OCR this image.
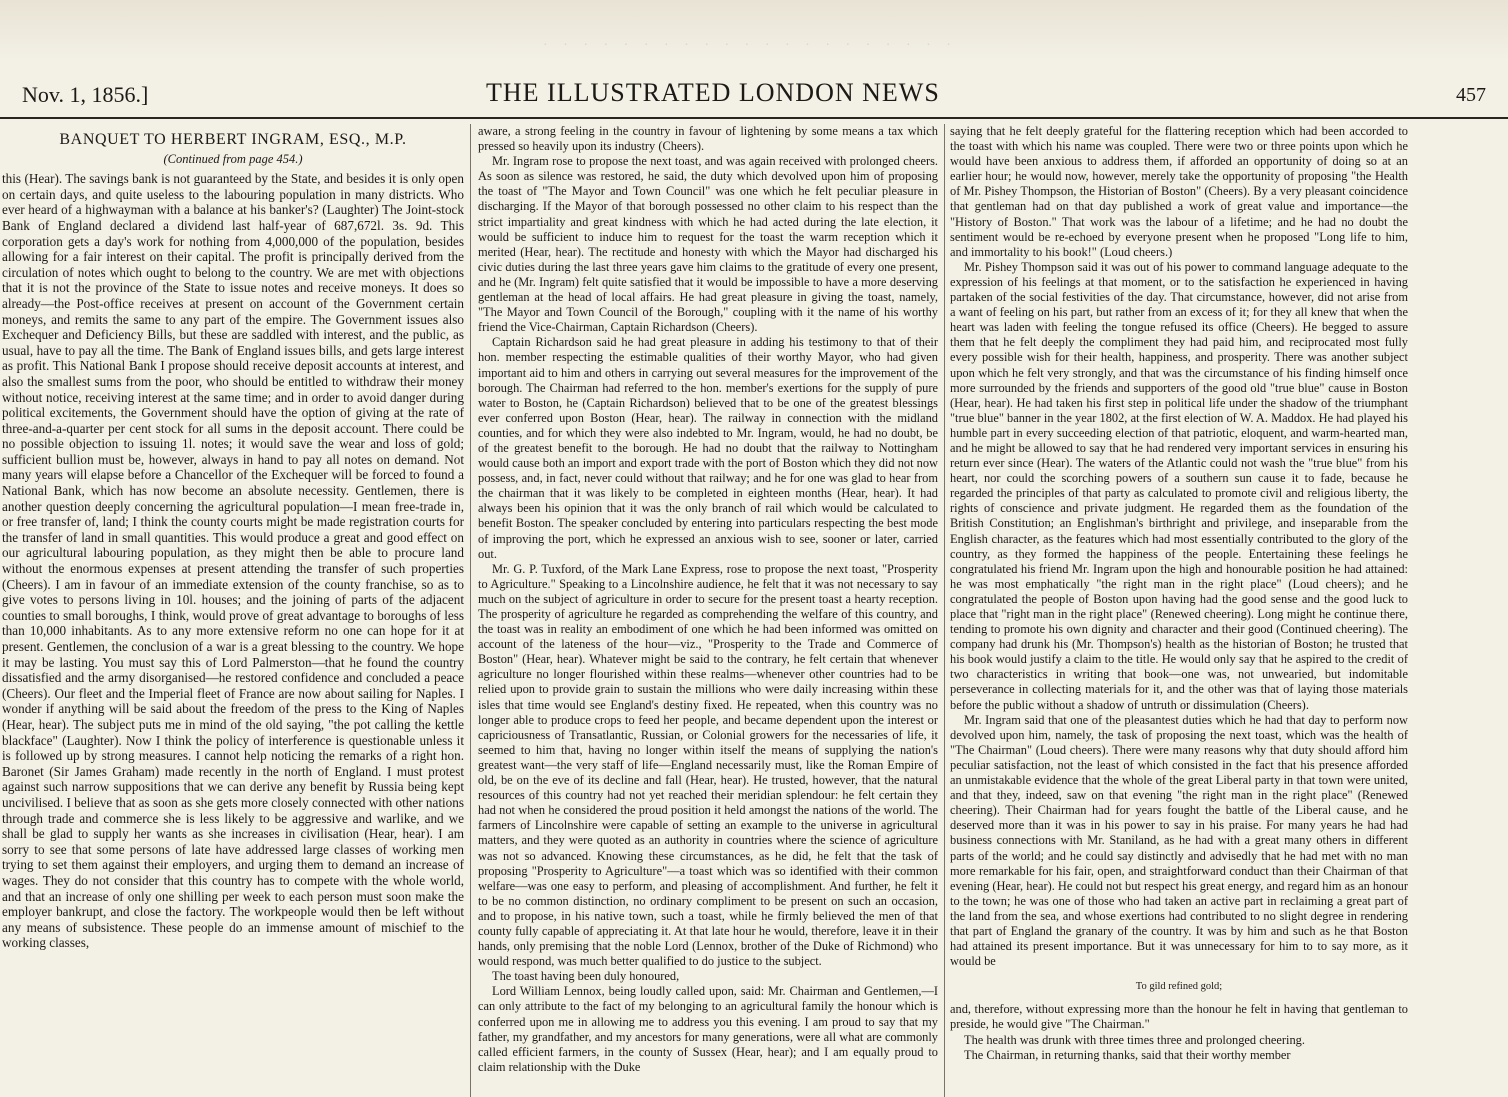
· · · · · · · · · · · · · · · · · · · · ·
Nov. 1, 1856.]	THE ILLUSTRATED LONDON NEWS	457
BANQUET TO HERBERT INGRAM, ESQ., M.P.
(Continued from page 454.)

this (Hear). The savings bank is not guaranteed by the State, and besides it is only open on certain days, and quite useless to the labouring population in many districts. Who ever heard of a highwayman with a balance at his banker's? (Laughter) The Joint-stock Bank of England declared a dividend last half-year of 687,672l. 3s. 9d. This corporation gets a day's work for nothing from 4,000,000 of the population, besides allowing for a fair interest on their capital. The profit is principally derived from the circulation of notes which ought to belong to the country. We are met with objections that it is not the province of the State to issue notes and receive moneys. It does so already—the Post-office receives at present on account of the Government certain moneys, and remits the same to any part of the empire. The Government issues also Exchequer and Deficiency Bills, but these are saddled with interest, and the public, as usual, have to pay all the time. The Bank of England issues bills, and gets large interest as profit. This National Bank I propose should receive deposit accounts at interest, and also the smallest sums from the poor, who should be entitled to withdraw their money without notice, receiving interest at the same time; and in order to avoid danger during political excitements, the Government should have the option of giving at the rate of three-and-a-quarter per cent stock for all sums in the deposit account. There could be no possible objection to issuing 1l. notes; it would save the wear and loss of gold; sufficient bullion must be, however, always in hand to pay all notes on demand. Not many years will elapse before a Chancellor of the Exchequer will be forced to found a National Bank, which has now become an absolute necessity. Gentlemen, there is another question deeply concerning the agricultural population—I mean free-trade in, or free transfer of, land; I think the county courts might be made registration courts for the transfer of land in small quantities. This would produce a great and good effect on our agricultural labouring population, as they might then be able to procure land without the enormous expenses at present attending the transfer of such properties (Cheers). I am in favour of an immediate extension of the county franchise, so as to give votes to persons living in 10l. houses; and the joining of parts of the adjacent counties to small boroughs, I think, would prove of great advantage to boroughs of less than 10,000 inhabitants. As to any more extensive reform no one can hope for it at present. Gentlemen, the conclusion of a war is a great blessing to the country. We hope it may be lasting. You must say this of Lord Palmerston—that he found the country dissatisfied and the army disorganised—he restored confidence and concluded a peace (Cheers). Our fleet and the Imperial fleet of France are now about sailing for Naples. I wonder if anything will be said about the freedom of the press to the King of Naples (Hear, hear). The subject puts me in mind of the old saying, "the pot calling the kettle blackface" (Laughter). Now I think the policy of interference is questionable unless it is followed up by strong measures. I cannot help noticing the remarks of a right hon. Baronet (Sir James Graham) made recently in the north of England. I must protest against such narrow suppositions that we can derive any benefit by Russia being kept uncivilised. I believe that as soon as she gets more closely connected with other nations through trade and commerce she is less likely to be aggressive and warlike, and we shall be glad to supply her wants as she increases in civilisation (Hear, hear). I am sorry to see that some persons of late have addressed large classes of working men trying to set them against their employers, and urging them to demand an increase of wages. They do not consider that this country has to compete with the whole world, and that an increase of only one shilling per week to each person must soon make the employer bankrupt, and close the factory. The workpeople would then be left without any means of subsistence. These people do an immense amount of mischief to the working classes,

aware, a strong feeling in the country in favour of lightening by some means a tax which pressed so heavily upon its industry (Cheers).

Mr. Ingram rose to propose the next toast, and was again received with prolonged cheers. As soon as silence was restored, he said, the duty which devolved upon him of proposing the toast of "The Mayor and Town Council" was one which he felt peculiar pleasure in discharging. If the Mayor of that borough possessed no other claim to his respect than the strict impartiality and great kindness with which he had acted during the late election, it would be sufficient to induce him to request for the toast the warm reception which it merited (Hear, hear). The rectitude and honesty with which the Mayor had discharged his civic duties during the last three years gave him claims to the gratitude of every one present, and he (Mr. Ingram) felt quite satisfied that it would be impossible to have a more deserving gentleman at the head of local affairs. He had great pleasure in giving the toast, namely, "The Mayor and Town Council of the Borough," coupling with it the name of his worthy friend the Vice-Chairman, Captain Richardson (Cheers).

Captain Richardson said he had great pleasure in adding his testimony to that of their hon. member respecting the estimable qualities of their worthy Mayor, who had given important aid to him and others in carrying out several measures for the improvement of the borough. The Chairman had referred to the hon. member's exertions for the supply of pure water to Boston, he (Captain Richardson) believed that to be one of the greatest blessings ever conferred upon Boston (Hear, hear). The railway in connection with the midland counties, and for which they were also indebted to Mr. Ingram, would, he had no doubt, be of the greatest benefit to the borough. He had no doubt that the railway to Nottingham would cause both an import and export trade with the port of Boston which they did not now possess, and, in fact, never could without that railway; and he for one was glad to hear from the chairman that it was likely to be completed in eighteen months (Hear, hear). It had always been his opinion that it was the only branch of rail which would be calculated to benefit Boston. The speaker concluded by entering into particulars respecting the best mode of improving the port, which he expressed an anxious wish to see, sooner or later, carried out.

Mr. G. P. Tuxford, of the Mark Lane Express, rose to propose the next toast, "Prosperity to Agriculture." Speaking to a Lincolnshire audience, he felt that it was not necessary to say much on the subject of agriculture in order to secure for the present toast a hearty reception. The prosperity of agriculture he regarded as comprehending the welfare of this country, and the toast was in reality an embodiment of one which he had been informed was omitted on account of the lateness of the hour—viz., "Prosperity to the Trade and Commerce of Boston" (Hear, hear). Whatever might be said to the contrary, he felt certain that whenever agriculture no longer flourished within these realms—whenever other countries had to be relied upon to provide grain to sustain the millions who were daily increasing within these isles that time would see England's destiny fixed. He repeated, when this country was no longer able to produce crops to feed her people, and became dependent upon the interest or capriciousness of Transatlantic, Russian, or Colonial growers for the necessaries of life, it seemed to him that, having no longer within itself the means of supplying the nation's greatest want—the very staff of life—England necessarily must, like the Roman Empire of old, be on the eve of its decline and fall (Hear, hear). He trusted, however, that the natural resources of this country had not yet reached their meridian splendour: he felt certain they had not when he considered the proud position it held amongst the nations of the world. The farmers of Lincolnshire were capable of setting an example to the universe in agricultural matters, and they were quoted as an authority in countries where the science of agriculture was not so advanced. Knowing these circumstances, as he did, he felt that the task of proposing "Prosperity to Agriculture"—a toast which was so identified with their common welfare—was one easy to perform, and pleasing of accomplishment. And further, he felt it to be no common distinction, no ordinary compliment to be present on such an occasion, and to propose, in his native town, such a toast, while he firmly believed the men of that county fully capable of appreciating it. At that late hour he would, therefore, leave it in their hands, only premising that the noble Lord (Lennox, brother of the Duke of Richmond) who would respond, was much better qualified to do justice to the subject.

The toast having been duly honoured,

Lord William Lennox, being loudly called upon, said: Mr. Chairman and Gentlemen,—I can only attribute to the fact of my belonging to an agricultural family the honour which is conferred upon me in allowing me to address you this evening. I am proud to say that my father, my grandfather, and my ancestors for many generations, were all what are commonly called efficient farmers, in the county of Sussex (Hear, hear); and I am equally proud to claim relationship with the Duke

saying that he felt deeply grateful for the flattering reception which had been accorded to the toast with which his name was coupled. There were two or three points upon which he would have been anxious to address them, if afforded an opportunity of doing so at an earlier hour; he would now, however, merely take the opportunity of proposing "the Health of Mr. Pishey Thompson, the Historian of Boston" (Cheers). By a very pleasant coincidence that gentleman had on that day published a work of great value and importance—the "History of Boston." That work was the labour of a lifetime; and he had no doubt the sentiment would be re-echoed by everyone present when he proposed "Long life to him, and immortality to his book!" (Loud cheers.)

Mr. Pishey Thompson said it was out of his power to command language adequate to the expression of his feelings at that moment, or to the satisfaction he experienced in having partaken of the social festivities of the day. That circumstance, however, did not arise from a want of feeling on his part, but rather from an excess of it; for they all knew that when the heart was laden with feeling the tongue refused its office (Cheers). He begged to assure them that he felt deeply the compliment they had paid him, and reciprocated most fully every possible wish for their health, happiness, and prosperity. There was another subject upon which he felt very strongly, and that was the circumstance of his finding himself once more surrounded by the friends and supporters of the good old "true blue" cause in Boston (Hear, hear). He had taken his first step in political life under the shadow of the triumphant "true blue" banner in the year 1802, at the first election of W. A. Maddox. He had played his humble part in every succeeding election of that patriotic, eloquent, and warm-hearted man, and he might be allowed to say that he had rendered very important services in ensuring his return ever since (Hear). The waters of the Atlantic could not wash the "true blue" from his heart, nor could the scorching powers of a southern sun cause it to fade, because he regarded the principles of that party as calculated to promote civil and religious liberty, the rights of conscience and private judgment. He regarded them as the foundation of the British Constitution; an Englishman's birthright and privilege, and inseparable from the English character, as the features which had most essentially contributed to the glory of the country, as they formed the happiness of the people. Entertaining these feelings he congratulated his friend Mr. Ingram upon the high and honourable position he had attained: he was most emphatically "the right man in the right place" (Loud cheers); and he congratulated the people of Boston upon having had the good sense and the good luck to place that "right man in the right place" (Renewed cheering). Long might he continue there, tending to promote his own dignity and character and their good (Continued cheering). The company had drunk his (Mr. Thompson's) health as the historian of Boston; he trusted that his book would justify a claim to the title. He would only say that he aspired to the credit of two characteristics in writing that book—one was, not unwearied, but indomitable perseverance in collecting materials for it, and the other was that of laying those materials before the public without a shadow of untruth or dissimulation (Cheers).

Mr. Ingram said that one of the pleasantest duties which he had that day to perform now devolved upon him, namely, the task of proposing the next toast, which was the health of "The Chairman" (Loud cheers). There were many reasons why that duty should afford him peculiar satisfaction, not the least of which consisted in the fact that his presence afforded an unmistakable evidence that the whole of the great Liberal party in that town were united, and that they, indeed, saw on that evening "the right man in the right place" (Renewed cheering). Their Chairman had for years fought the battle of the Liberal cause, and he deserved more than it was in his power to say in his praise. For many years he had had business connections with Mr. Staniland, as he had with a great many others in different parts of the world; and he could say distinctly and advisedly that he had met with no man more remarkable for his fair, open, and straightforward conduct than their Chairman of that evening (Hear, hear). He could not but respect his great energy, and regard him as an honour to the town; he was one of those who had taken an active part in reclaiming a great part of the land from the sea, and whose exertions had contributed to no slight degree in rendering that part of England the granary of the country. It was by him and such as he that Boston had attained its present importance. But it was unnecessary for him to to say more, as it would be

To gild refined gold;

and, therefore, without expressing more than the honour he felt in having that gentleman to preside, he would give "The Chairman."

The health was drunk with three times three and prolonged cheering.

The Chairman, in returning thanks, said that their worthy member
